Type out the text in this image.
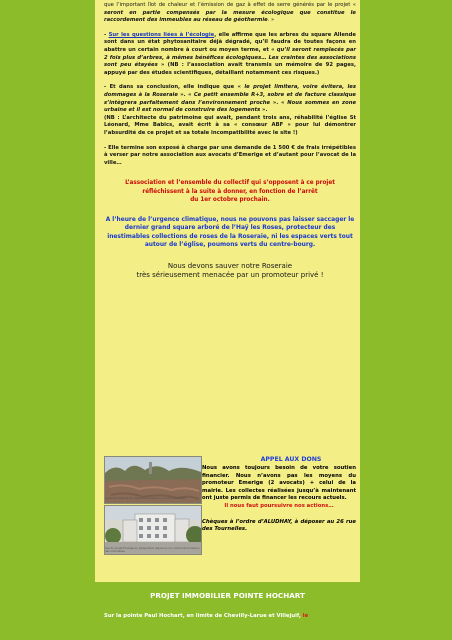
que l’important îlot de chaleur et l’émission de gaz à effet de serre générés par le projet « seront en partie compensés par la mesure écologique que constitue le raccordement des immeubles au réseau de géothermie. »

- Sur les questions liées à l’écologie, elle affirme que les arbres du square Allende sont dans un état phytosanitaire déjà dégradé, qu’il faudra de toutes façons en abattre un certain nombre à court ou moyen terme, et « qu’il seront remplacés par 2 fois plus d’arbres, à mêmes bénéfices écologiques… Les craintes des associations sont peu étayées » (NB : l’association avait transmis un mémoire de 92 pages, appuyé par des études scientifiques, détaillant notamment ces risques.)

- Et dans sa conclusion, elle indique que « le projet limitera, voire évitera, les dommages à la Roseraie ». « Ce petit ensemble R+3, sobre et de facture classique s’intègrera parfaitement dans l’environnement proche ». « Nous sommes en zone urbaine et il est normal de construire des logements ».
(NB : L’architecte du patrimoine qui avait, pendant trois ans, réhabilité l’église St Léonard, Mme Babics, avait écrit à sa « consœur ABF » pour lui démontrer l’absurdité de ce projet et sa totale incompatibilité avec le site !)

- Elle termine son exposé à charge par une demande de 1 500 € de frais irrépétibles à verser par notre association aux avocats d’Emerige et d’autant pour l’avocat de la ville…

L’association et l’ensemble du collectif qui s’opposent à ce projet
réfléchissent à la suite à donner, en fonction de l’arrêt
du 1er octobre prochain.

A l’heure de l’urgence climatique, nous ne pouvons pas laisser saccager le dernier grand square arboré de l’Haÿ les Roses, protecteur des inestimables collections de roses de la Roseraie, ni les espaces verts tout autour de l’église, poumons verts du centre-bourg.

Nous devons sauver notre Roseraie
très sérieusement menacée par un promoteur privé !

Le square Allende et l’église Saint-Léonard, vus de la Roseraie
Vue du projet Emerige en perspective depuis la rue, montrant la hauteur des immeubles
APPEL AUX DONS
Nous avons toujours besoin de votre soutien financier. Nous n’avons pas les moyens du promoteur Emerige (2 avocats) + celui de la mairie. Les collectes réalisées jusqu’à maintenant ont juste permis de financer les recours actuels.
Il nous faut poursuivre nos actions…
Chèques à l’ordre d’ALUDHAY, à déposer au 26 rue des Tournelles.
PROJET IMMOBILIER POINTE HOCHART
Sur la pointe Paul Hochart, en limite de Chevilly-Larue et Villejuif, le
